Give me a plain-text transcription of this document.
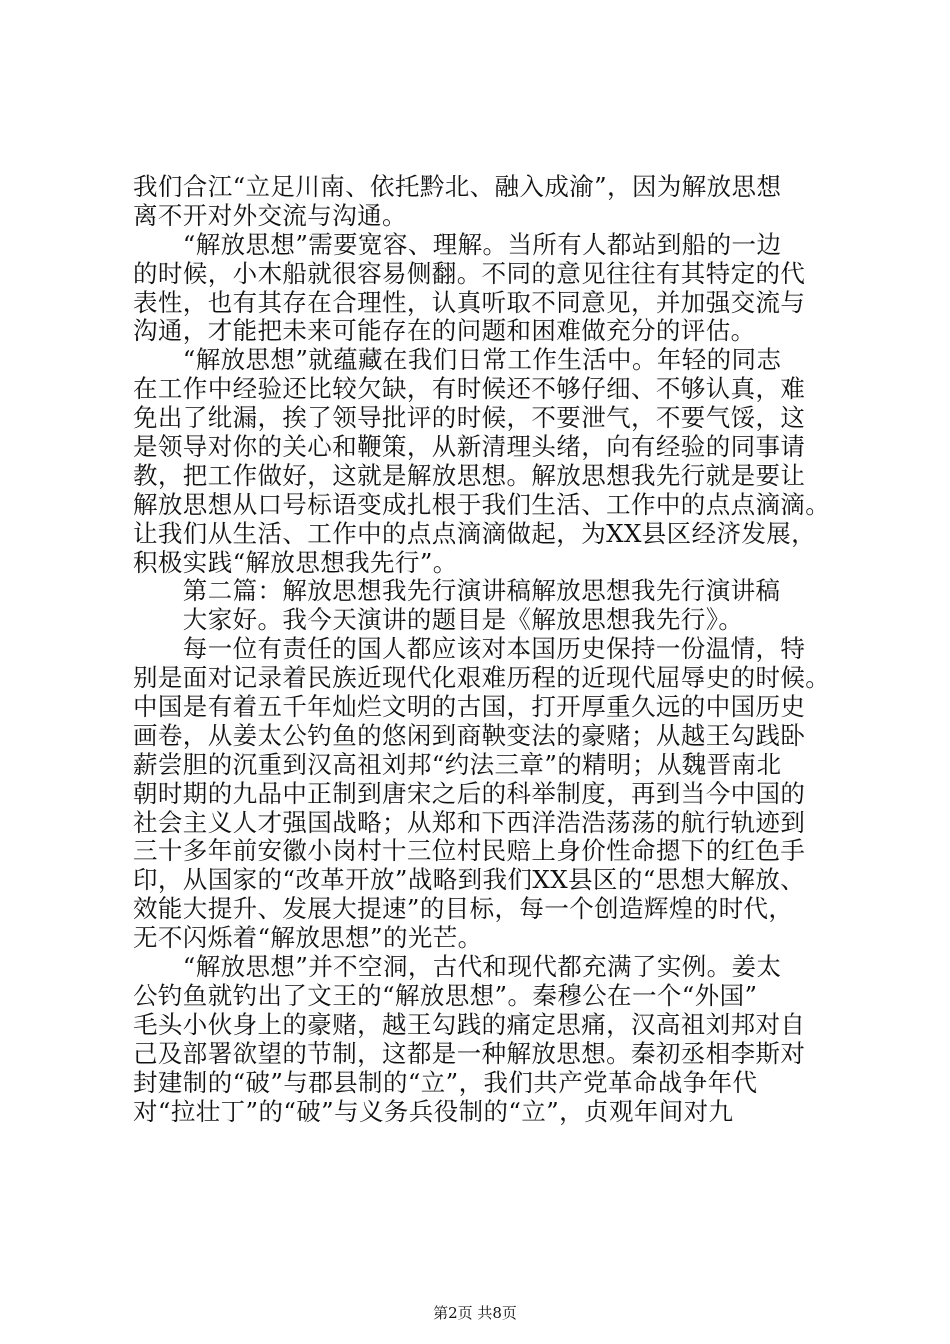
我们合江“立足川南、依托黔北、融入成渝”，因为解放思想
离不开对外交流与沟通。
　　“解放思想”需要宽容、理解。当所有人都站到船的一边
的时候，小木船就很容易侧翻。不同的意见往往有其特定的代
表性，也有其存在合理性，认真听取不同意见，并加强交流与
沟通，才能把未来可能存在的问题和困难做充分的评估。
　　“解放思想”就蕴藏在我们日常工作生活中。年轻的同志
在工作中经验还比较欠缺，有时候还不够仔细、不够认真，难
免出了纰漏，挨了领导批评的时候，不要泄气，不要气馁，这
是领导对你的关心和鞭策，从新清理头绪，向有经验的同事请
教，把工作做好，这就是解放思想。解放思想我先行就是要让
解放思想从口号标语变成扎根于我们生活、工作中的点点滴滴。
让我们从生活、工作中的点点滴滴做起，为XX县区经济发展，
积极实践“解放思想我先行”。
　　第二篇：解放思想我先行演讲稿解放思想我先行演讲稿
　　大家好。我今天演讲的题目是《解放思想我先行》。
　　每一位有责任的国人都应该对本国历史保持一份温情，特
别是面对记录着民族近现代化艰难历程的近现代屈辱史的时候。
中国是有着五千年灿烂文明的古国，打开厚重久远的中国历史
画卷，从姜太公钓鱼的悠闲到商鞅变法的豪赌；从越王勾践卧
薪尝胆的沉重到汉高祖刘邦“约法三章”的精明；从魏晋南北
朝时期的九品中正制到唐宋之后的科举制度，再到当今中国的
社会主义人才强国战略；从郑和下西洋浩浩荡荡的航行轨迹到
三十多年前安徽小岗村十三位村民赔上身价性命摁下的红色手
印，从国家的“改革开放”战略到我们XX县区的“思想大解放、
效能大提升、发展大提速”的目标，每一个创造辉煌的时代，
无不闪烁着“解放思想”的光芒。
　　“解放思想”并不空洞，古代和现代都充满了实例。姜太
公钓鱼就钓出了文王的“解放思想”。秦穆公在一个“外国”
毛头小伙身上的豪赌，越王勾践的痛定思痛，汉高祖刘邦对自
己及部署欲望的节制，这都是一种解放思想。秦初丞相李斯对
封建制的“破”与郡县制的“立”，我们共产党革命战争年代
对“拉壮丁”的“破”与义务兵役制的“立”，贞观年间对九
第2页 共8页
